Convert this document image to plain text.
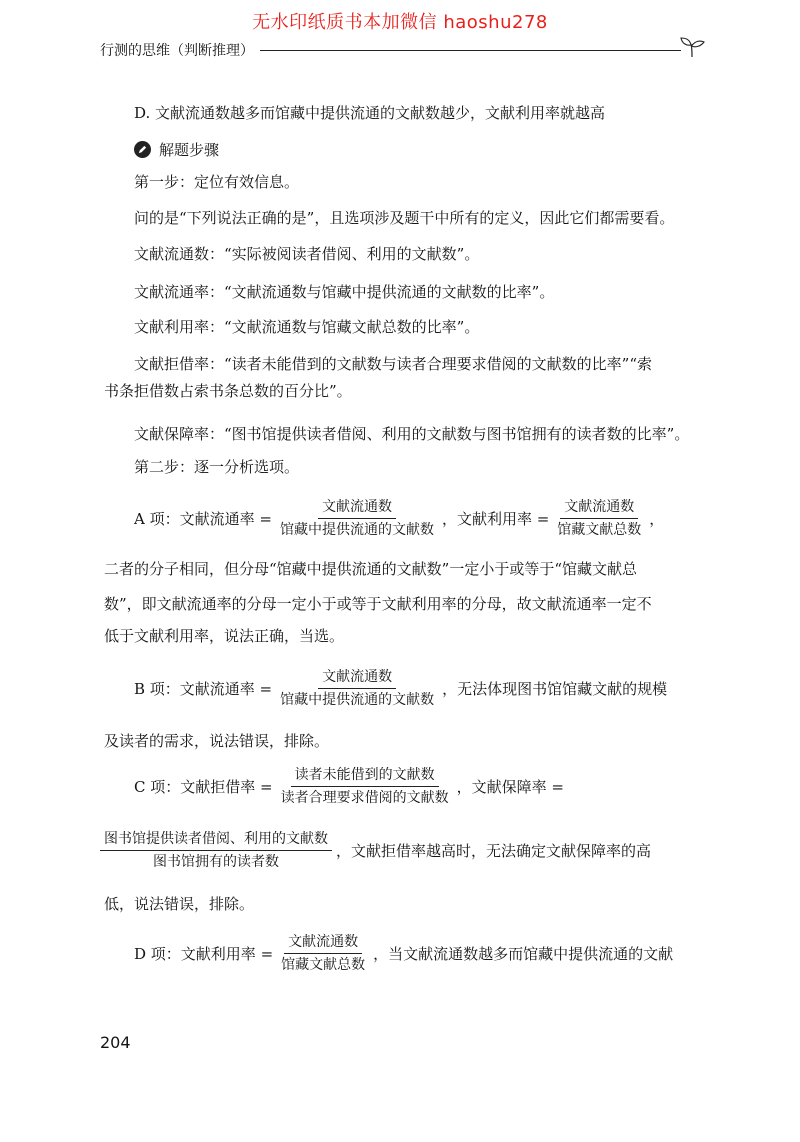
无水印纸质书本加微信 haoshu278
行测的思维（判断推理）
D. 文献流通数越多而馆藏中提供流通的文献数越少，文献利用率就越高
解题步骤
第一步：定位有效信息。
问的是“下列说法正确的是”，且选项涉及题干中所有的定义，因此它们都需要看。
文献流通数：“实际被阅读者借阅、利用的文献数”。
文献流通率：“文献流通数与馆藏中提供流通的文献数的比率”。
文献利用率：“文献流通数与馆藏文献总数的比率”。
文献拒借率：“读者未能借到的文献数与读者合理要求借阅的文献数的比率”“索
书条拒借数占索书条总数的百分比”。
文献保障率：“图书馆提供读者借阅、利用的文献数与图书馆拥有的读者数的比率”。
第二步：逐一分析选项。
A 项：文献流通率 = $\frac{\text{文献流通数}}{\text{馆藏中提供流通的文献数}}$ ，文献利用率 = $\frac{\text{文献流通数}}{\text{馆藏文献总数}}$ ，
二者的分子相同，但分母“馆藏中提供流通的文献数”一定小于或等于“馆藏文献总
数”，即文献流通率的分母一定小于或等于文献利用率的分母，故文献流通率一定不
低于文献利用率，说法正确，当选。
B 项：文献流通率 = $\frac{\text{文献流通数}}{\text{馆藏中提供流通的文献数}}$ ，无法体现图书馆馆藏文献的规模
及读者的需求，说法错误，排除。
C 项：文献拒借率 = $\frac{\text{读者未能借到的文献数}}{\text{读者合理要求借阅的文献数}}$ ，文献保障率 =
$\frac{\text{图书馆提供读者借阅、利用的文献数}}{\text{图书馆拥有的读者数}}$ ，文献拒借率越高时，无法确定文献保障率的高
低，说法错误，排除。
D 项：文献利用率 = $\frac{\text{文献流通数}}{\text{馆藏文献总数}}$ ，当文献流通数越多而馆藏中提供流通的文献
204
